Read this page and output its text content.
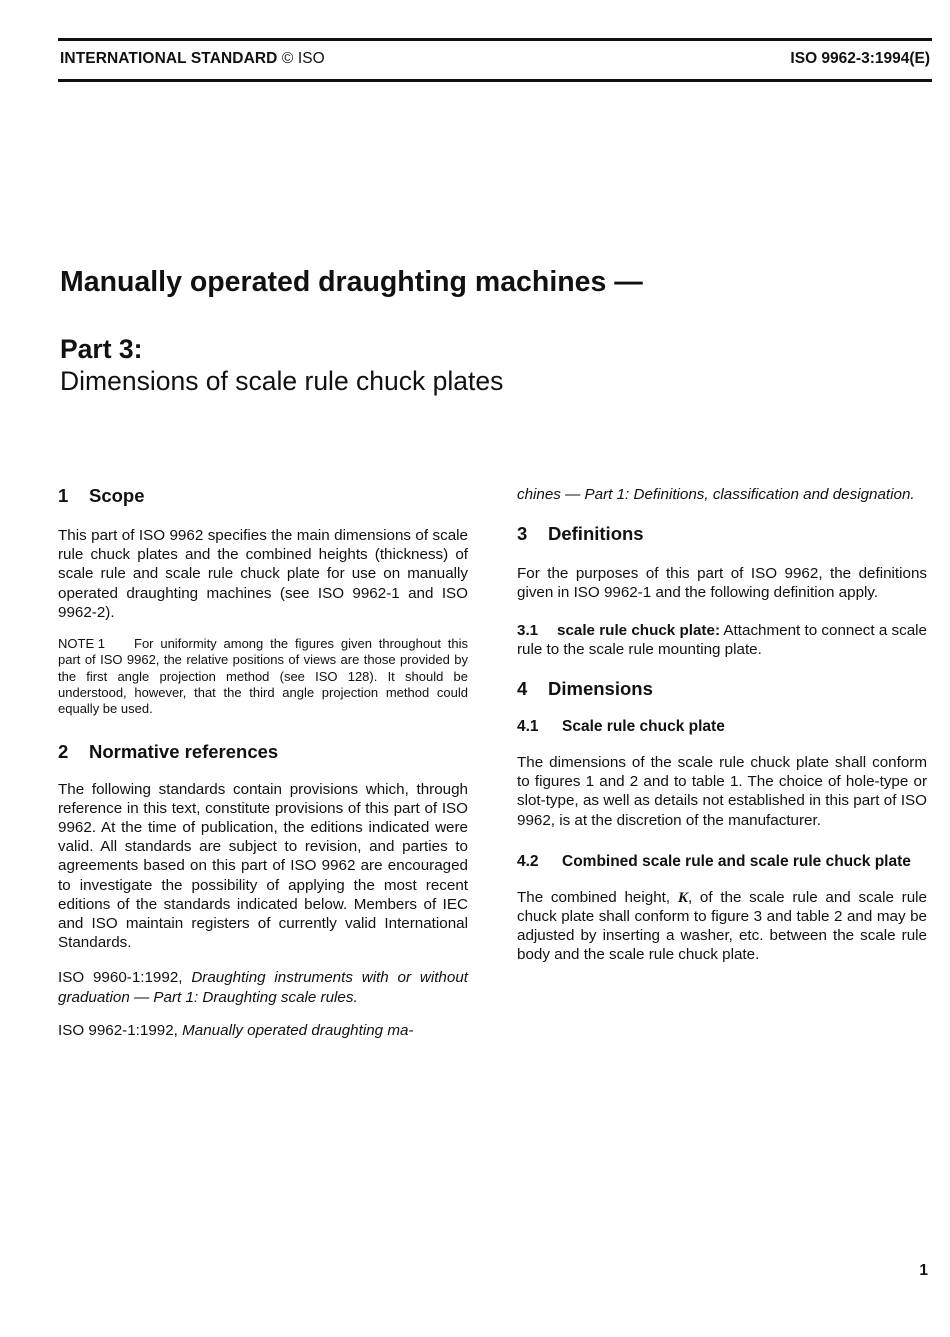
INTERNATIONAL STANDARD © ISO	ISO 9962-3:1994(E)
Manually operated draughting machines —
Part 3:
Dimensions of scale rule chuck plates
1 Scope

This part of ISO 9962 specifies the main dimensions of scale rule chuck plates and the combined heights (thickness) of scale rule and scale rule chuck plate for use on manually operated draughting machines (see ISO 9962-1 and ISO 9962-2).

NOTE 1 For uniformity among the figures given throughout this part of ISO 9962, the relative positions of views are those provided by the first angle projection method (see ISO 128). It should be understood, however, that the third angle projection method could equally be used.

2 Normative references

The following standards contain provisions which, through reference in this text, constitute provisions of this part of ISO 9962. At the time of publication, the editions indicated were valid. All standards are subject to revision, and parties to agreements based on this part of ISO 9962 are encouraged to investigate the possibility of applying the most recent editions of the standards indicated below. Members of IEC and ISO maintain registers of currently valid International Standards.

ISO 9960-1:1992, Draughting instruments with or without graduation — Part 1: Draughting scale rules.

ISO 9962-1:1992, Manually operated draughting ma-

chines — Part 1: Definitions, classification and designation.

3 Definitions

For the purposes of this part of ISO 9962, the definitions given in ISO 9962-1 and the following definition apply.

3.1 scale rule chuck plate: Attachment to connect a scale rule to the scale rule mounting plate.

4 Dimensions
4.1 Scale rule chuck plate

The dimensions of the scale rule chuck plate shall conform to figures 1 and 2 and to table 1. The choice of hole-type or slot-type, as well as details not established in this part of ISO 9962, is at the discretion of the manufacturer.

4.2 Combined scale rule and scale rule chuck plate

The combined height, K, of the scale rule and scale rule chuck plate shall conform to figure 3 and table 2 and may be adjusted by inserting a washer, etc. between the scale rule body and the scale rule chuck plate.

1
